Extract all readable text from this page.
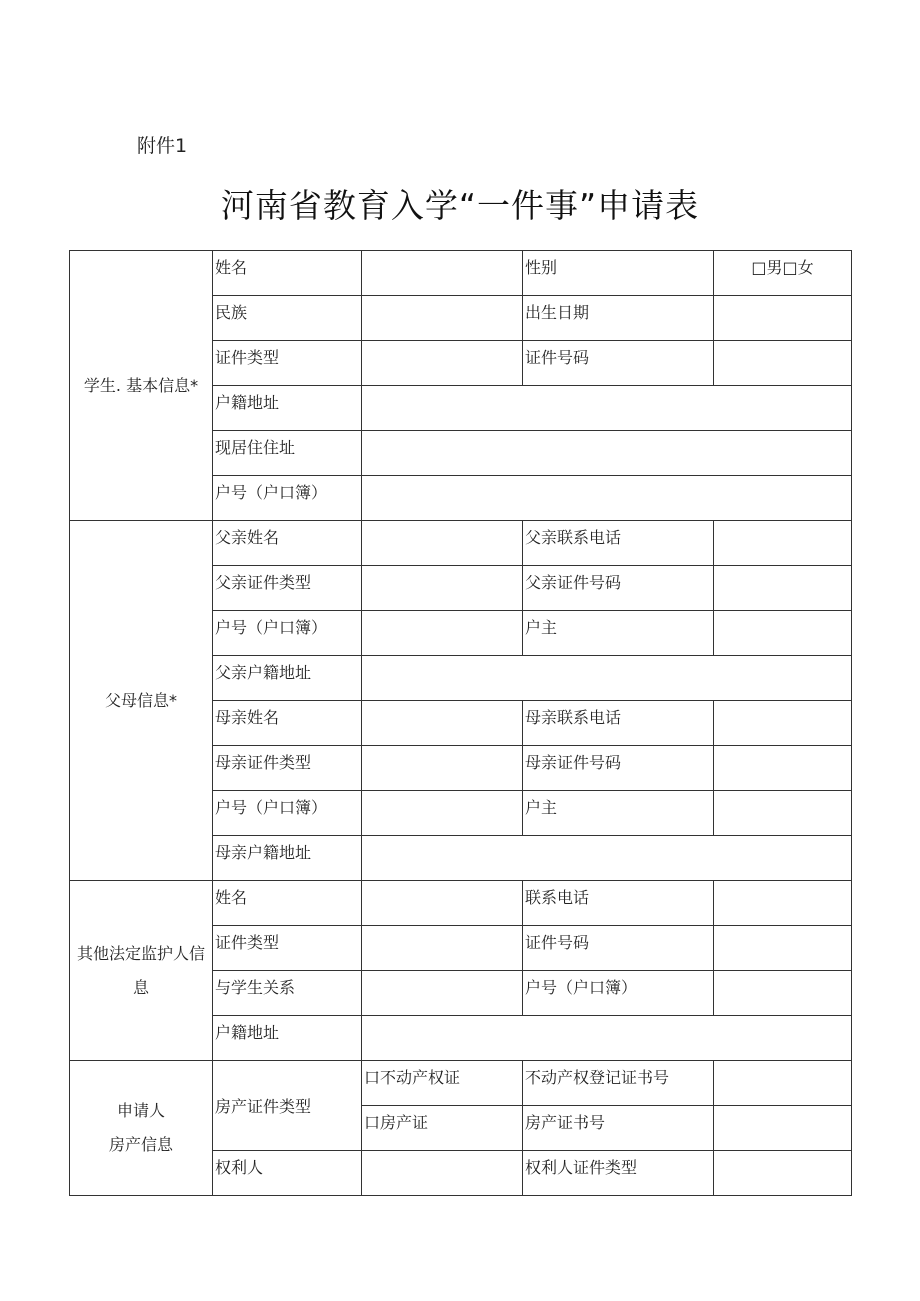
附件1
河南省教育入学“一件事”申请表
学生. 基本信息*	姓名		性别	□男□女
	民族		出生日期	
	证件类型		证件号码	
	户籍地址			
	现居住住址			
	户号（户口簿）			
父母信息*	父亲姓名		父亲联系电话	
	父亲证件类型		父亲证件号码	
	户号（户口簿）		户主	
	父亲户籍地址			
	母亲姓名		母亲联系电话	
	母亲证件类型		母亲证件号码	
	户号（户口簿）		户主	
	母亲户籍地址			
其他法定监护人信息	姓名		联系电话	
	证件类型		证件号码	
	与学生关系		户号（户口簿）	
	户籍地址			

申请人
房产信息	房产证件类型	口不动产权证	不动产权登记证书号	
		口房产证	房产证书号	
	权利人		权利人证件类型	
